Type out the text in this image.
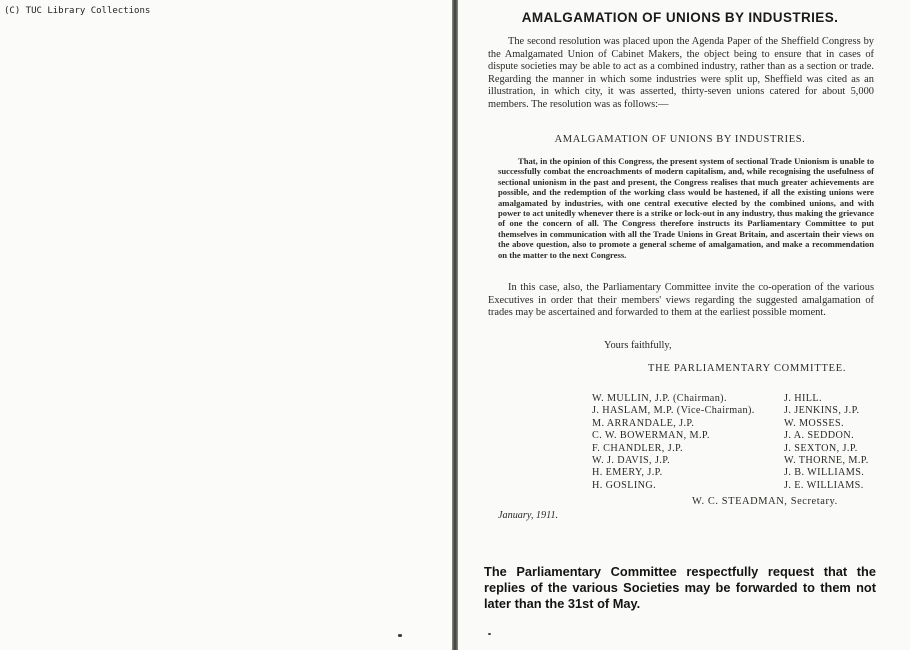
(C) TUC Library Collections	AMALGAMATION OF UNIONS BY INDUSTRIES.

The second resolution was placed upon the Agenda Paper of the Sheffield Congress by the Amalgamated Union of Cabinet Makers, the object being to ensure that in cases of dispute societies may be able to act as a combined industry, rather than as a section or trade. Regarding the manner in which some industries were split up, Sheffield was cited as an illustration, in which city, it was asserted, thirty-seven unions catered for about 5,000 members. The resolution was as follows:—

AMALGAMATION OF UNIONS BY INDUSTRIES.

That, in the opinion of this Congress, the present system of sectional Trade Unionism is unable to successfully combat the encroachments of modern capitalism, and, while recognising the usefulness of sectional unionism in the past and present, the Congress realises that much greater achievements are possible, and the redemption of the working class would be hastened, if all the existing unions were amalgamated by industries, with one central executive elected by the combined unions, and with power to act unitedly whenever there is a strike or lock-out in any industry, thus making the grievance of one the concern of all. The Congress therefore instructs its Parliamentary Committee to put themselves in communication with all the Trade Unions in Great Britain, and ascertain their views on the above question, also to promote a general scheme of amalgamation, and make a recommendation on the matter to the next Congress.

In this case, also, the Parliamentary Committee invite the co-operation of the various Executives in order that their members' views regarding the suggested amalgamation of trades may be ascertained and forwarded to them at the earliest possible moment.

Yours faithfully,
THE PARLIAMENTARY COMMITTEE.
W. MULLIN, J.P. (Chairman).
J. HASLAM, M.P. (Vice-Chairman).
M. ARRANDALE, J.P.
C. W. BOWERMAN, M.P.
F. CHANDLER, J.P.
W. J. DAVIS, J.P.
H. EMERY, J.P.
H. GOSLING.
J. HILL.
J. JENKINS, J.P.
W. MOSSES.
J. A. SEDDON.
J. SEXTON, J.P.
W. THORNE, M.P.
J. B. WILLIAMS.
J. E. WILLIAMS.
W. C. STEADMAN, Secretary.
January, 1911.

The Parliamentary Committee respectfully request that the replies of the various Societies may be forwarded to them not later than the 31st of May.
